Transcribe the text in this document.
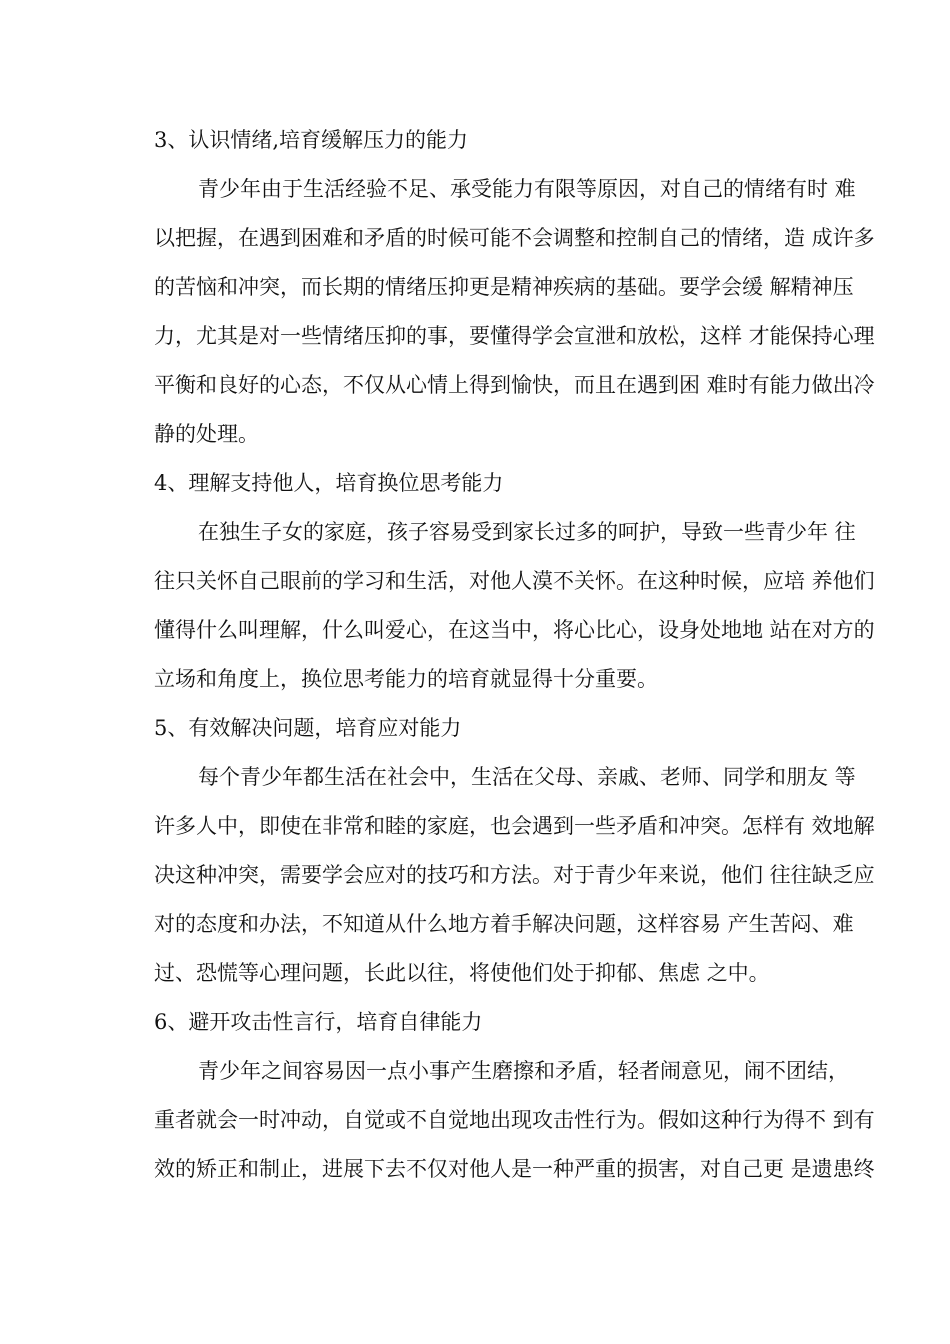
3、认识情绪,培育缓解压力的能力

青少年由于生活经验不足、承受能力有限等原因，对自己的情绪有时 难
以把握，在遇到困难和矛盾的时候可能不会调整和控制自己的情绪，造 成许多
的苦恼和冲突，而长期的情绪压抑更是精神疾病的基础。要学会缓 解精神压
力，尤其是对一些情绪压抑的事，要懂得学会宣泄和放松，这样 才能保持心理
平衡和良好的心态，不仅从心情上得到愉快，而且在遇到困 难时有能力做出冷
静的处理。

4、理解支持他人，培育换位思考能力

在独生子女的家庭，孩子容易受到家长过多的呵护，导致一些青少年 往
往只关怀自己眼前的学习和生活，对他人漠不关怀。在这种时候，应培 养他们
懂得什么叫理解，什么叫爱心，在这当中，将心比心，设身处地地 站在对方的
立场和角度上，换位思考能力的培育就显得十分重要。

5、有效解决问题，培育应对能力

每个青少年都生活在社会中，生活在父母、亲戚、老师、同学和朋友 等
许多人中，即使在非常和睦的家庭，也会遇到一些矛盾和冲突。怎样有 效地解
决这种冲突，需要学会应对的技巧和方法。对于青少年来说，他们 往往缺乏应
对的态度和办法，不知道从什么地方着手解决问题，这样容易 产生苦闷、难
过、恐慌等心理问题，长此以往，将使他们处于抑郁、焦虑 之中。

6、避开攻击性言行，培育自律能力

青少年之间容易因一点小事产生磨擦和矛盾，轻者闹意见，闹不团结，
重者就会一时冲动，自觉或不自觉地出现攻击性行为。假如这种行为得不 到有
效的矫正和制止，进展下去不仅对他人是一种严重的损害，对自己更 是遗患终
